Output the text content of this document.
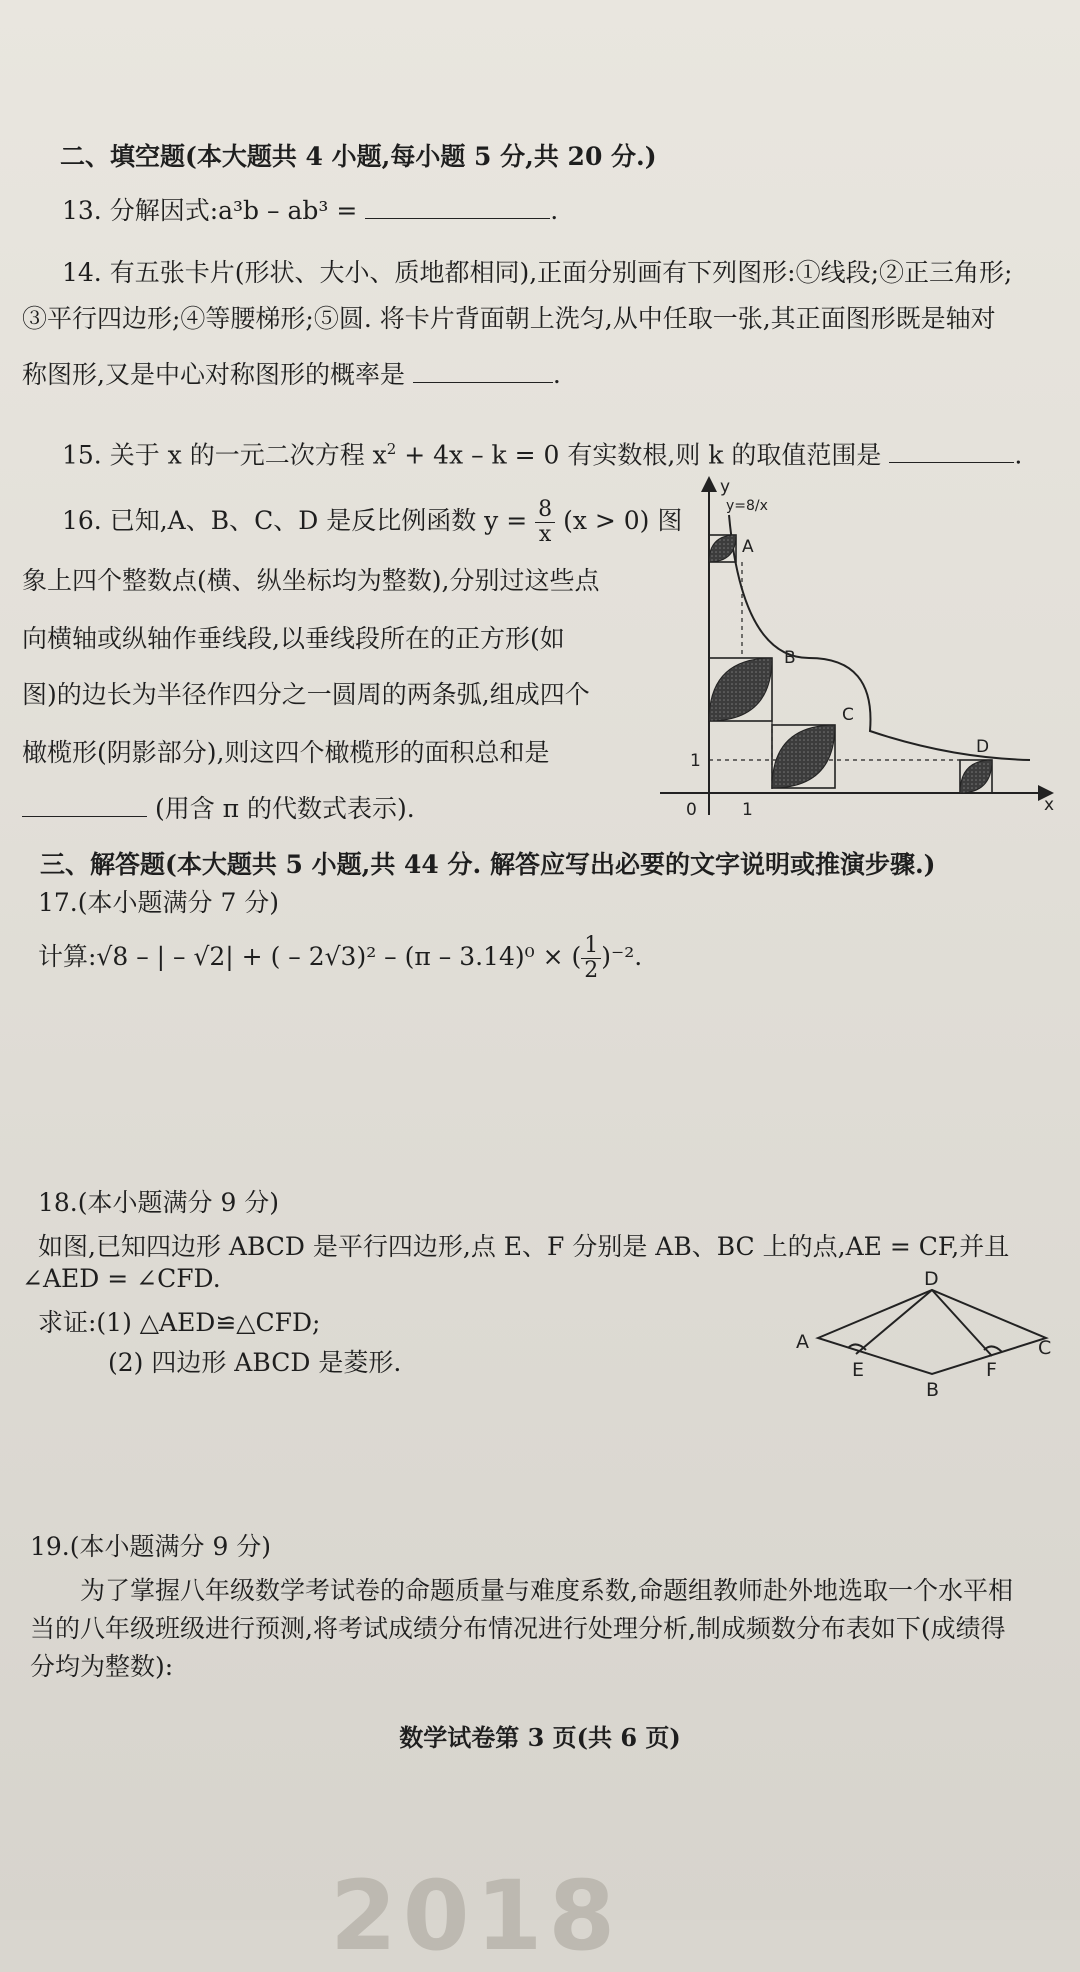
二、填空题(本大题共 4 小题,每小题 5 分,共 20 分.)
13. 分解因式:a³b – ab³ =	.
14. 有五张卡片(形状、大小、质地都相同),正面分别画有下列图形:①线段;②正三角形;
③平行四边形;④等腰梯形;⑤圆. 将卡片背面朝上洗匀,从中任取一张,其正面图形既是轴对
称图形,又是中心对称图形的概率是	.
15. 关于 x 的一元二次方程 $x^2 + 4x - k = 0$ 有实数根,则 k 的取值范围是	.
16. 已知,A、B、C、D 是反比例函数 $y = \frac{8}{x} (x > 0)$ 图
象上四个整数点(横、纵坐标均为整数),分别过这些点
向横轴或纵轴作垂线段,以垂线段所在的正方形(如
图)的边长为半径作四分之一圆周的两条弧,组成四个
橄榄形(阴影部分),则这四个橄榄形的面积总和是
(用含 π 的代数式表示).
y
x
0	1
1
y=8/x
A
B
C
D
三、解答题(本大题共 5 小题,共 44 分. 解答应写出必要的文字说明或推演步骤.)
17.(本小题满分 7 分)
计算:√8 – | – √2| + ( – 2√3)² – (π – 3.14)⁰ × ( $\frac{1}{2} )^{-2}$.
18.(本小题满分 9 分)
如图,已知四边形 ABCD 是平行四边形,点 E、F 分别是 AB、BC 上的点,AE = CF,并且
∠AED = ∠CFD.
求证:(1) △AED≌△CFD;
(2) 四边形 ABCD 是菱形.
A
B
C
D
E	F
19.(本小题满分 9 分)
为了掌握八年级数学考试卷的命题质量与难度系数,命题组教师赴外地选取一个水平相
当的八年级班级进行预测,将考试成绩分布情况进行处理分析,制成频数分布表如下(成绩得
分均为整数):
数学试卷第 3 页(共 6 页)
2018
